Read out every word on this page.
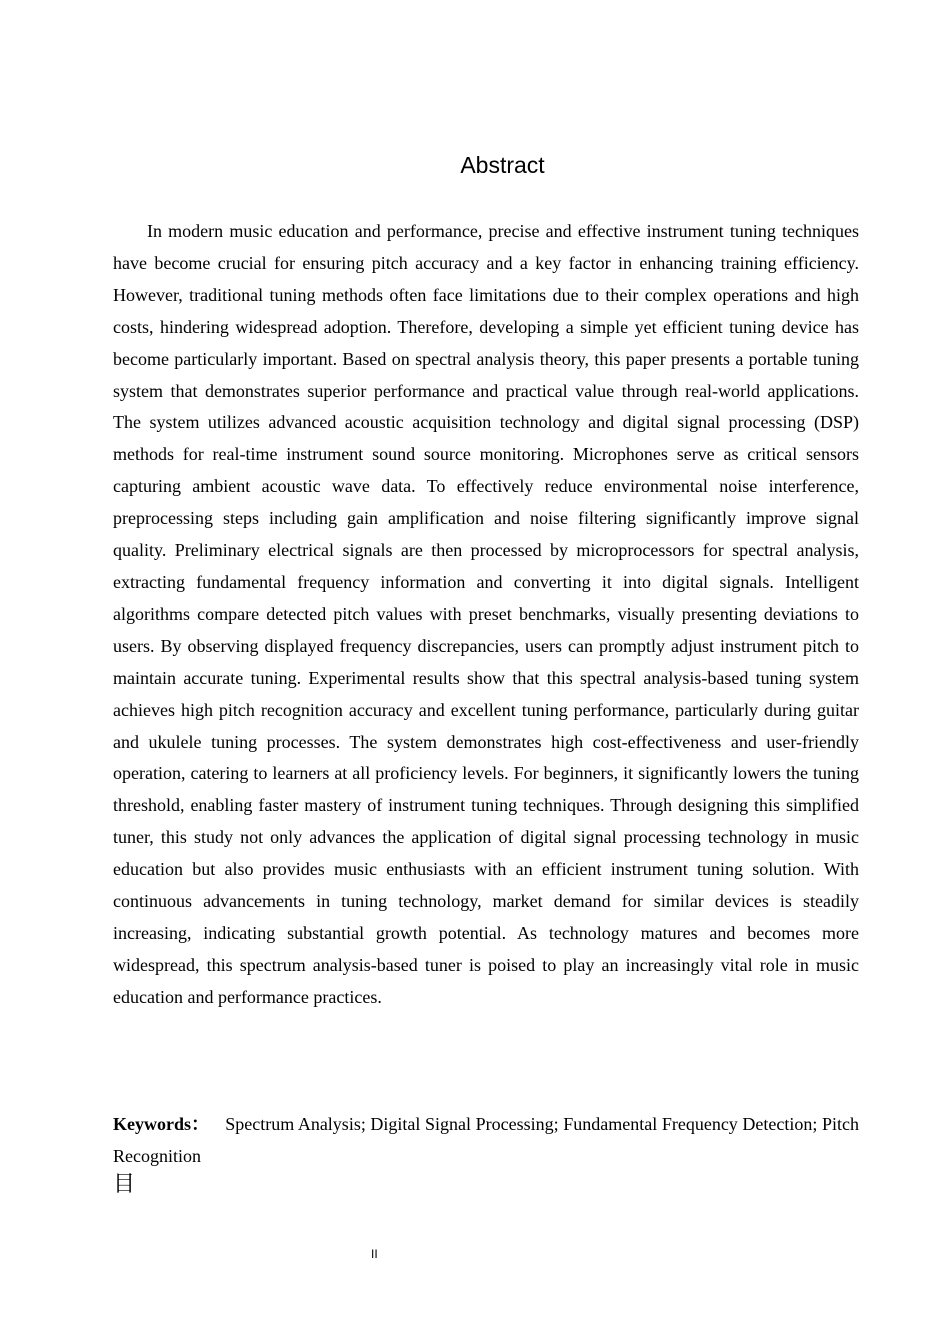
Abstract

In modern music education and performance, precise and effective instrument tuning techniques have become crucial for ensuring pitch accuracy and a key factor in enhancing training efficiency. However, traditional tuning methods often face limitations due to their complex operations and high costs, hindering widespread adoption. Therefore, developing a simple yet efficient tuning device has become particularly important. Based on spectral analysis theory, this paper presents a portable tuning system that demonstrates superior performance and practical value through real-world applications. The system utilizes advanced acoustic acquisition technology and digital signal processing (DSP) methods for real-time instrument sound source monitoring. Microphones serve as critical sensors capturing ambient acoustic wave data. To effectively reduce environmental noise interference, preprocessing steps including gain amplification and noise filtering significantly improve signal quality. Preliminary electrical signals are then processed by microprocessors for spectral analysis, extracting fundamental frequency information and converting it into digital signals. Intelligent algorithms compare detected pitch values with preset benchmarks, visually presenting deviations to users. By observing displayed frequency discrepancies, users can promptly adjust instrument pitch to maintain accurate tuning. Experimental results show that this spectral analysis-based tuning system achieves high pitch recognition accuracy and excellent tuning performance, particularly during guitar and ukulele tuning processes. The system demonstrates high cost-effectiveness and user-friendly operation, catering to learners at all proficiency levels. For beginners, it significantly lowers the tuning threshold, enabling faster mastery of instrument tuning techniques. Through designing this simplified tuner, this study not only advances the application of digital signal processing technology in music education but also provides music enthusiasts with an efficient instrument tuning solution. With continuous advancements in tuning technology, market demand for similar devices is steadily increasing, indicating substantial growth potential. As technology matures and becomes more widespread, this spectrum analysis-based tuner is poised to play an increasingly vital role in music education and performance practices.

Keywords： Spectrum Analysis; Digital Signal Processing; Fundamental Frequency Detection; Pitch Recognition

目
II
